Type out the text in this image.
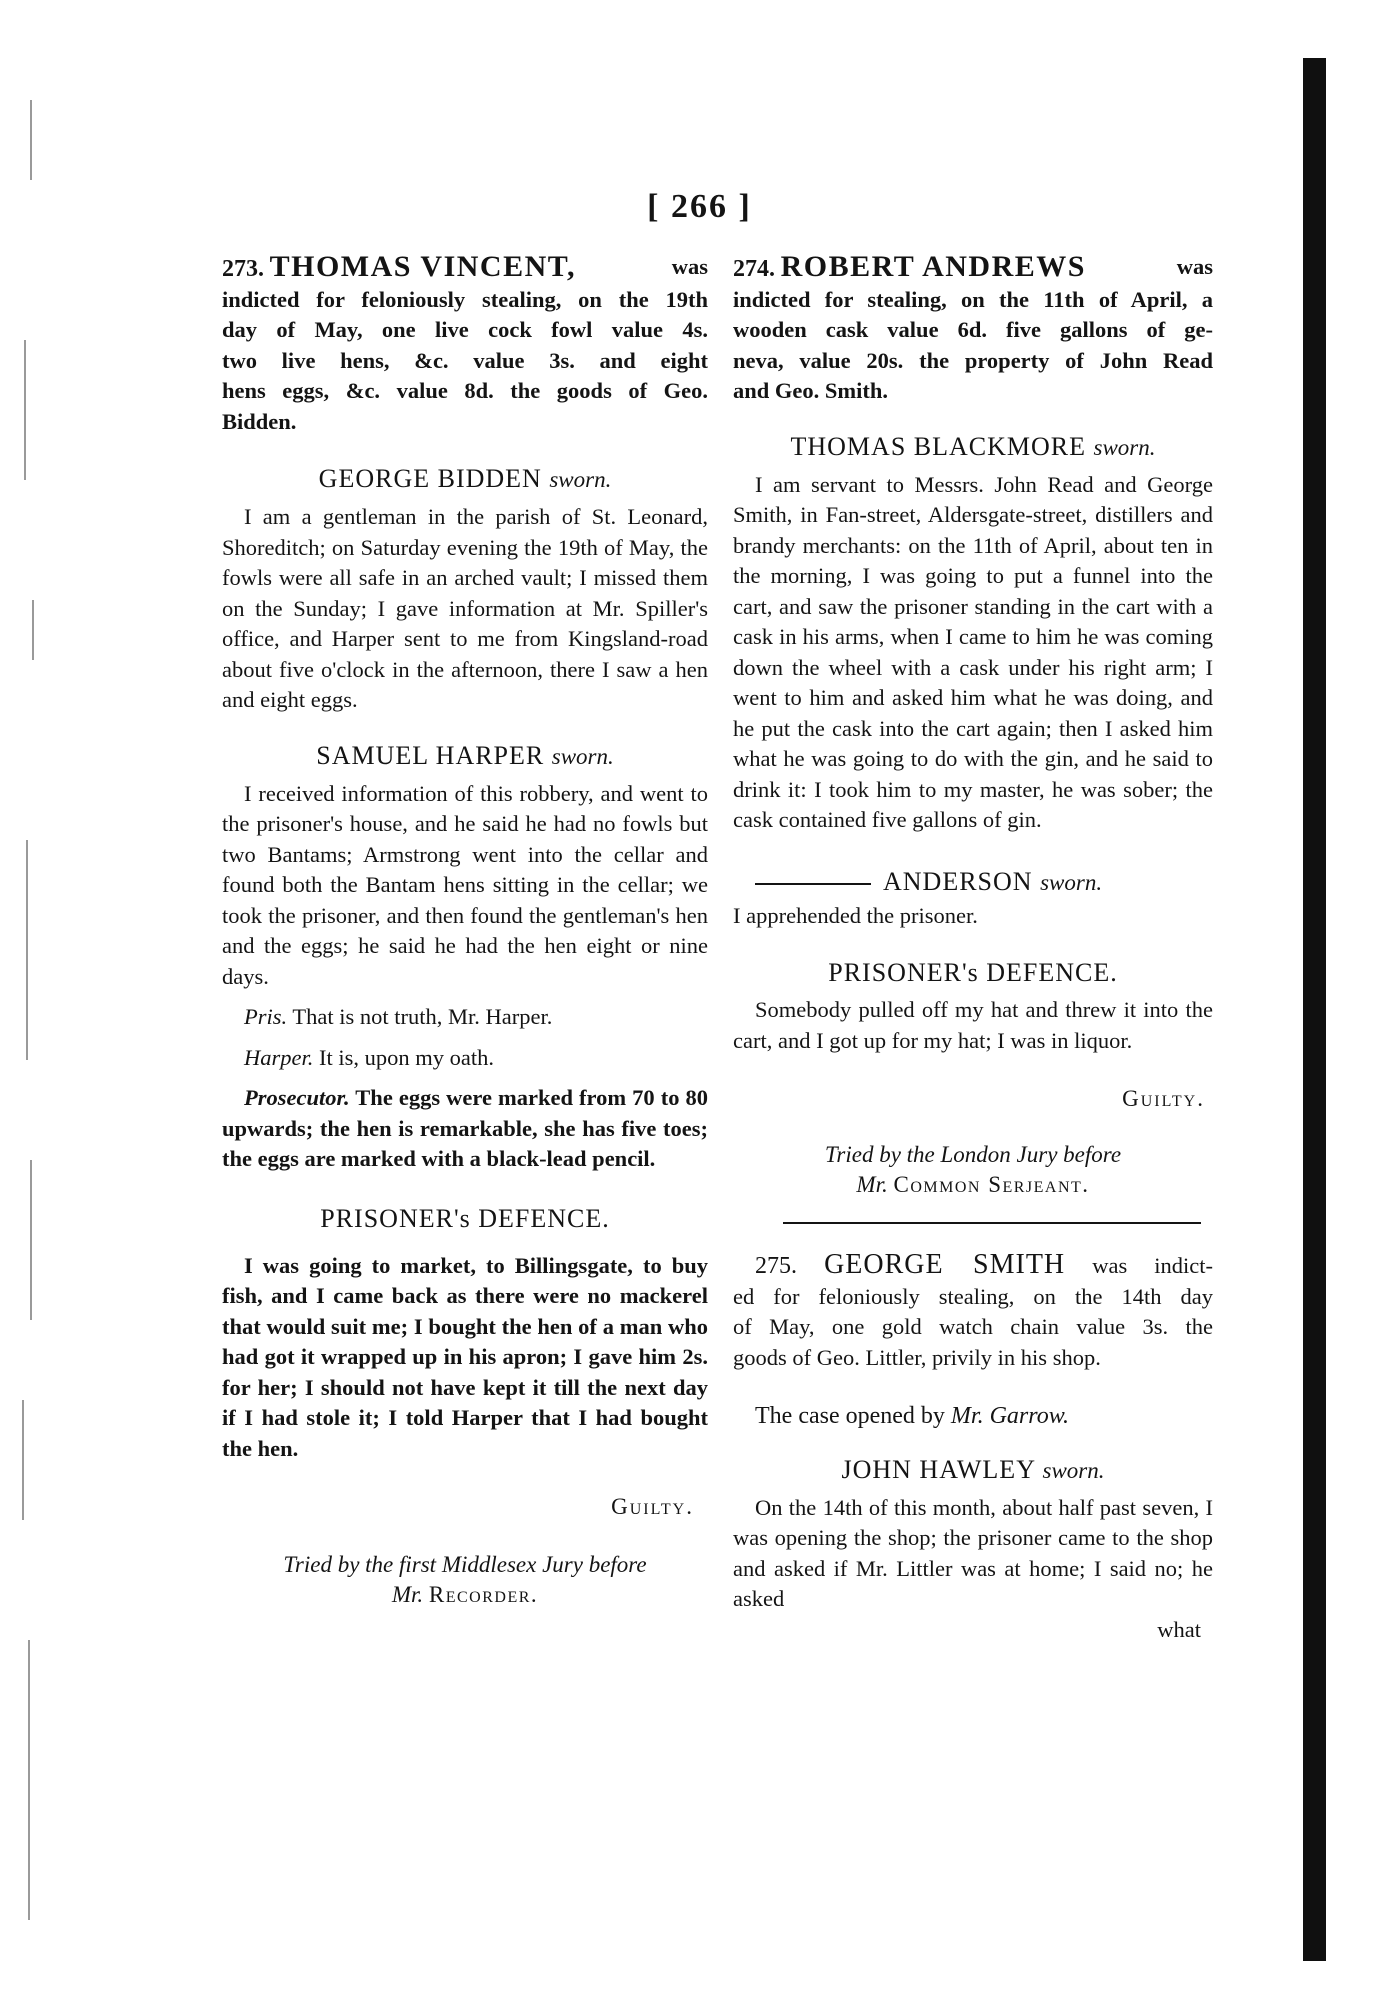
[ 266 ]

273. THOMAS VINCENT,	was

indicted for feloniously stealing, on the 19th

day of May, one live cock fowl value 4s.

two live hens, &c. value 3s. and eight

hens eggs, &c. value 8d. the goods of Geo.

Bidden.

GEORGE BIDDEN sworn.

I am a gentleman in the parish of St. Leonard, Shoreditch; on Saturday evening the 19th of May, the fowls were all safe in an arched vault; I missed them on the Sunday; I gave information at Mr. Spiller's office, and Harper sent to me from Kingsland-road about five o'clock in the afternoon, there I saw a hen and eight eggs.

SAMUEL HARPER sworn.

I received information of this robbery, and went to the prisoner's house, and he said he had no fowls but two Bantams; Armstrong went into the cellar and found both the Bantam hens sitting in the cellar; we took the prisoner, and then found the gentleman's hen and the eggs; he said he had the hen eight or nine days.

Pris. That is not truth, Mr. Harper.

Harper. It is, upon my oath.

Prosecutor. The eggs were marked from 70 to 80 upwards; the hen is remarkable, she has five toes; the eggs are marked with a black-lead pencil.

PRISONER's DEFENCE.

I was going to market, to Billingsgate, to buy fish, and I came back as there were no mackerel that would suit me; I bought the hen of a man who had got it wrapped up in his apron; I gave him 2s. for her; I should not have kept it till the next day if I had stole it; I told Harper that I had bought the hen.

Guilty.
Tried by the first Middlesex Jury before
Mr. Recorder.

274. ROBERT ANDREWS	was

indicted for stealing, on the 11th of April, a

wooden cask value 6d. five gallons of ge-

neva, value 20s. the property of John Read

and Geo. Smith.

THOMAS BLACKMORE sworn.

I am servant to Messrs. John Read and George Smith, in Fan-street, Aldersgate-street, distillers and brandy merchants: on the 11th of April, about ten in the morning, I was going to put a funnel into the cart, and saw the prisoner standing in the cart with a cask in his arms, when I came to him he was coming down the wheel with a cask under his right arm; I went to him and asked him what he was doing, and he put the cask into the cart again; then I asked him what he was going to do with the gin, and he said to drink it: I took him to my master, he was sober; the cask contained five gallons of gin.

ANDERSON sworn.

I apprehended the prisoner.

PRISONER's DEFENCE.

Somebody pulled off my hat and threw it into the cart, and I got up for my hat; I was in liquor.

Guilty.
Tried by the London Jury before
Mr. Common Serjeant.

275. GEORGE SMITH was indict-

ed for feloniously stealing, on the 14th day

of May, one gold watch chain value 3s. the

goods of Geo. Littler, privily in his shop.

The case opened by Mr. Garrow.

JOHN HAWLEY sworn.

On the 14th of this month, about half past seven, I was opening the shop; the prisoner came to the shop and asked if Mr. Littler was at home; I said no; he asked

what
